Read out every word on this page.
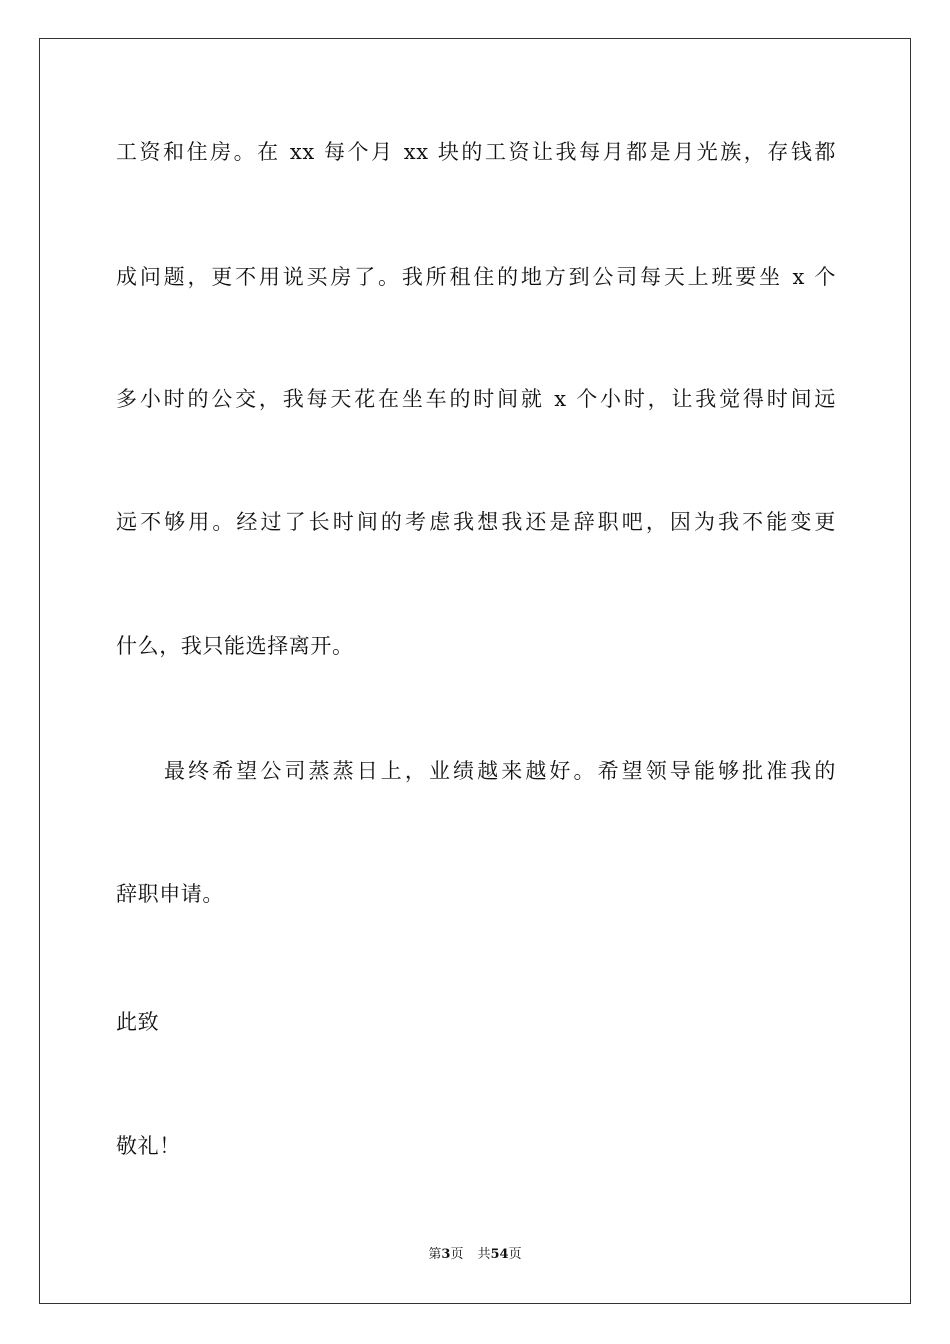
工资和住房。在 xx 每个月 xx 块的工资让我每月都是月光族，存钱都
成问题，更不用说买房了。我所租住的地方到公司每天上班要坐 x 个
多小时的公交，我每天花在坐车的时间就 x 个小时，让我觉得时间远
远不够用。经过了长时间的考虑我想我还是辞职吧，因为我不能变更
什么，我只能选择离开。
最终希望公司蒸蒸日上，业绩越来越好。希望领导能够批准我的
辞职申请。
此致
敬礼！
第3页 共54页
